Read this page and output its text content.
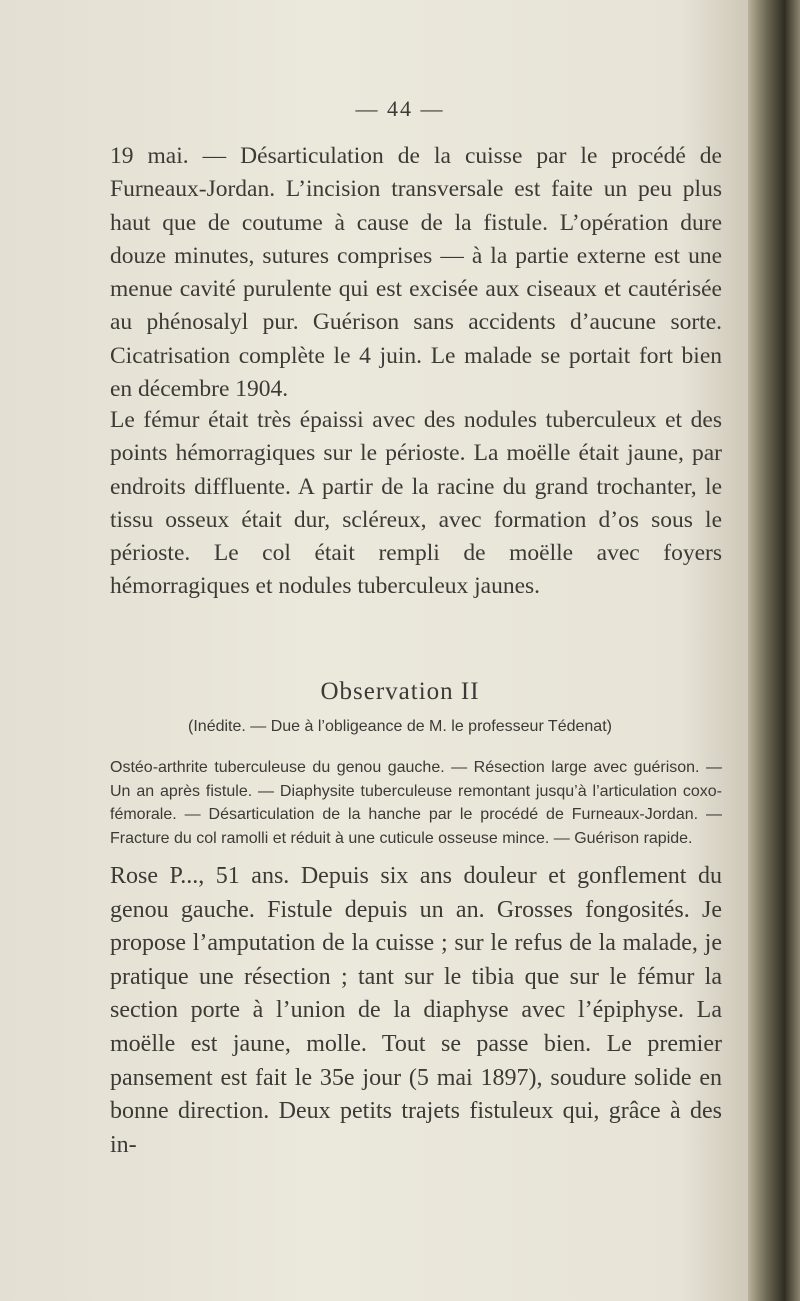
— 44 —

19 mai. — Désarticulation de la cuisse par le procédé de Furneaux-Jordan. L’incision transversale est faite un peu plus haut que de coutume à cause de la fistule. L’opération dure douze minutes, sutures comprises — à la partie externe est une menue cavité purulente qui est excisée aux ciseaux et cautérisée au phénosalyl pur. Guérison sans accidents d’aucune sorte. Cicatrisation complète le 4 juin. Le malade se portait fort bien en décembre 1904.

Le fémur était très épaissi avec des nodules tuberculeux et des points hémorragiques sur le périoste. La moëlle était jaune, par endroits diffluente. A partir de la racine du grand trochanter, le tissu osseux était dur, scléreux, avec formation d’os sous le périoste. Le col était rempli de moëlle avec foyers hémorragiques et nodules tuberculeux jaunes.

Observation II
(Inédite. — Due à l’obligeance de M. le professeur Tédenat)

Ostéo-arthrite tuberculeuse du genou gauche. — Résection large avec guérison. — Un an après fistule. — Diaphysite tuberculeuse remontant jusqu’à l’articulation coxo-fémorale. — Désarticulation de la hanche par le procédé de Furneaux-Jordan. — Fracture du col ramolli et réduit à une cuticule osseuse mince. — Guérison rapide.

Rose P..., 51 ans. Depuis six ans douleur et gonflement du genou gauche. Fistule depuis un an. Grosses fongosités. Je propose l’amputation de la cuisse ; sur le refus de la malade, je pratique une résection ; tant sur le tibia que sur le fémur la section porte à l’union de la diaphyse avec l’épiphyse. La moëlle est jaune, molle. Tout se passe bien. Le premier pansement est fait le 35e jour (5 mai 1897), soudure solide en bonne direction. Deux petits trajets fistuleux qui, grâce à des in-
